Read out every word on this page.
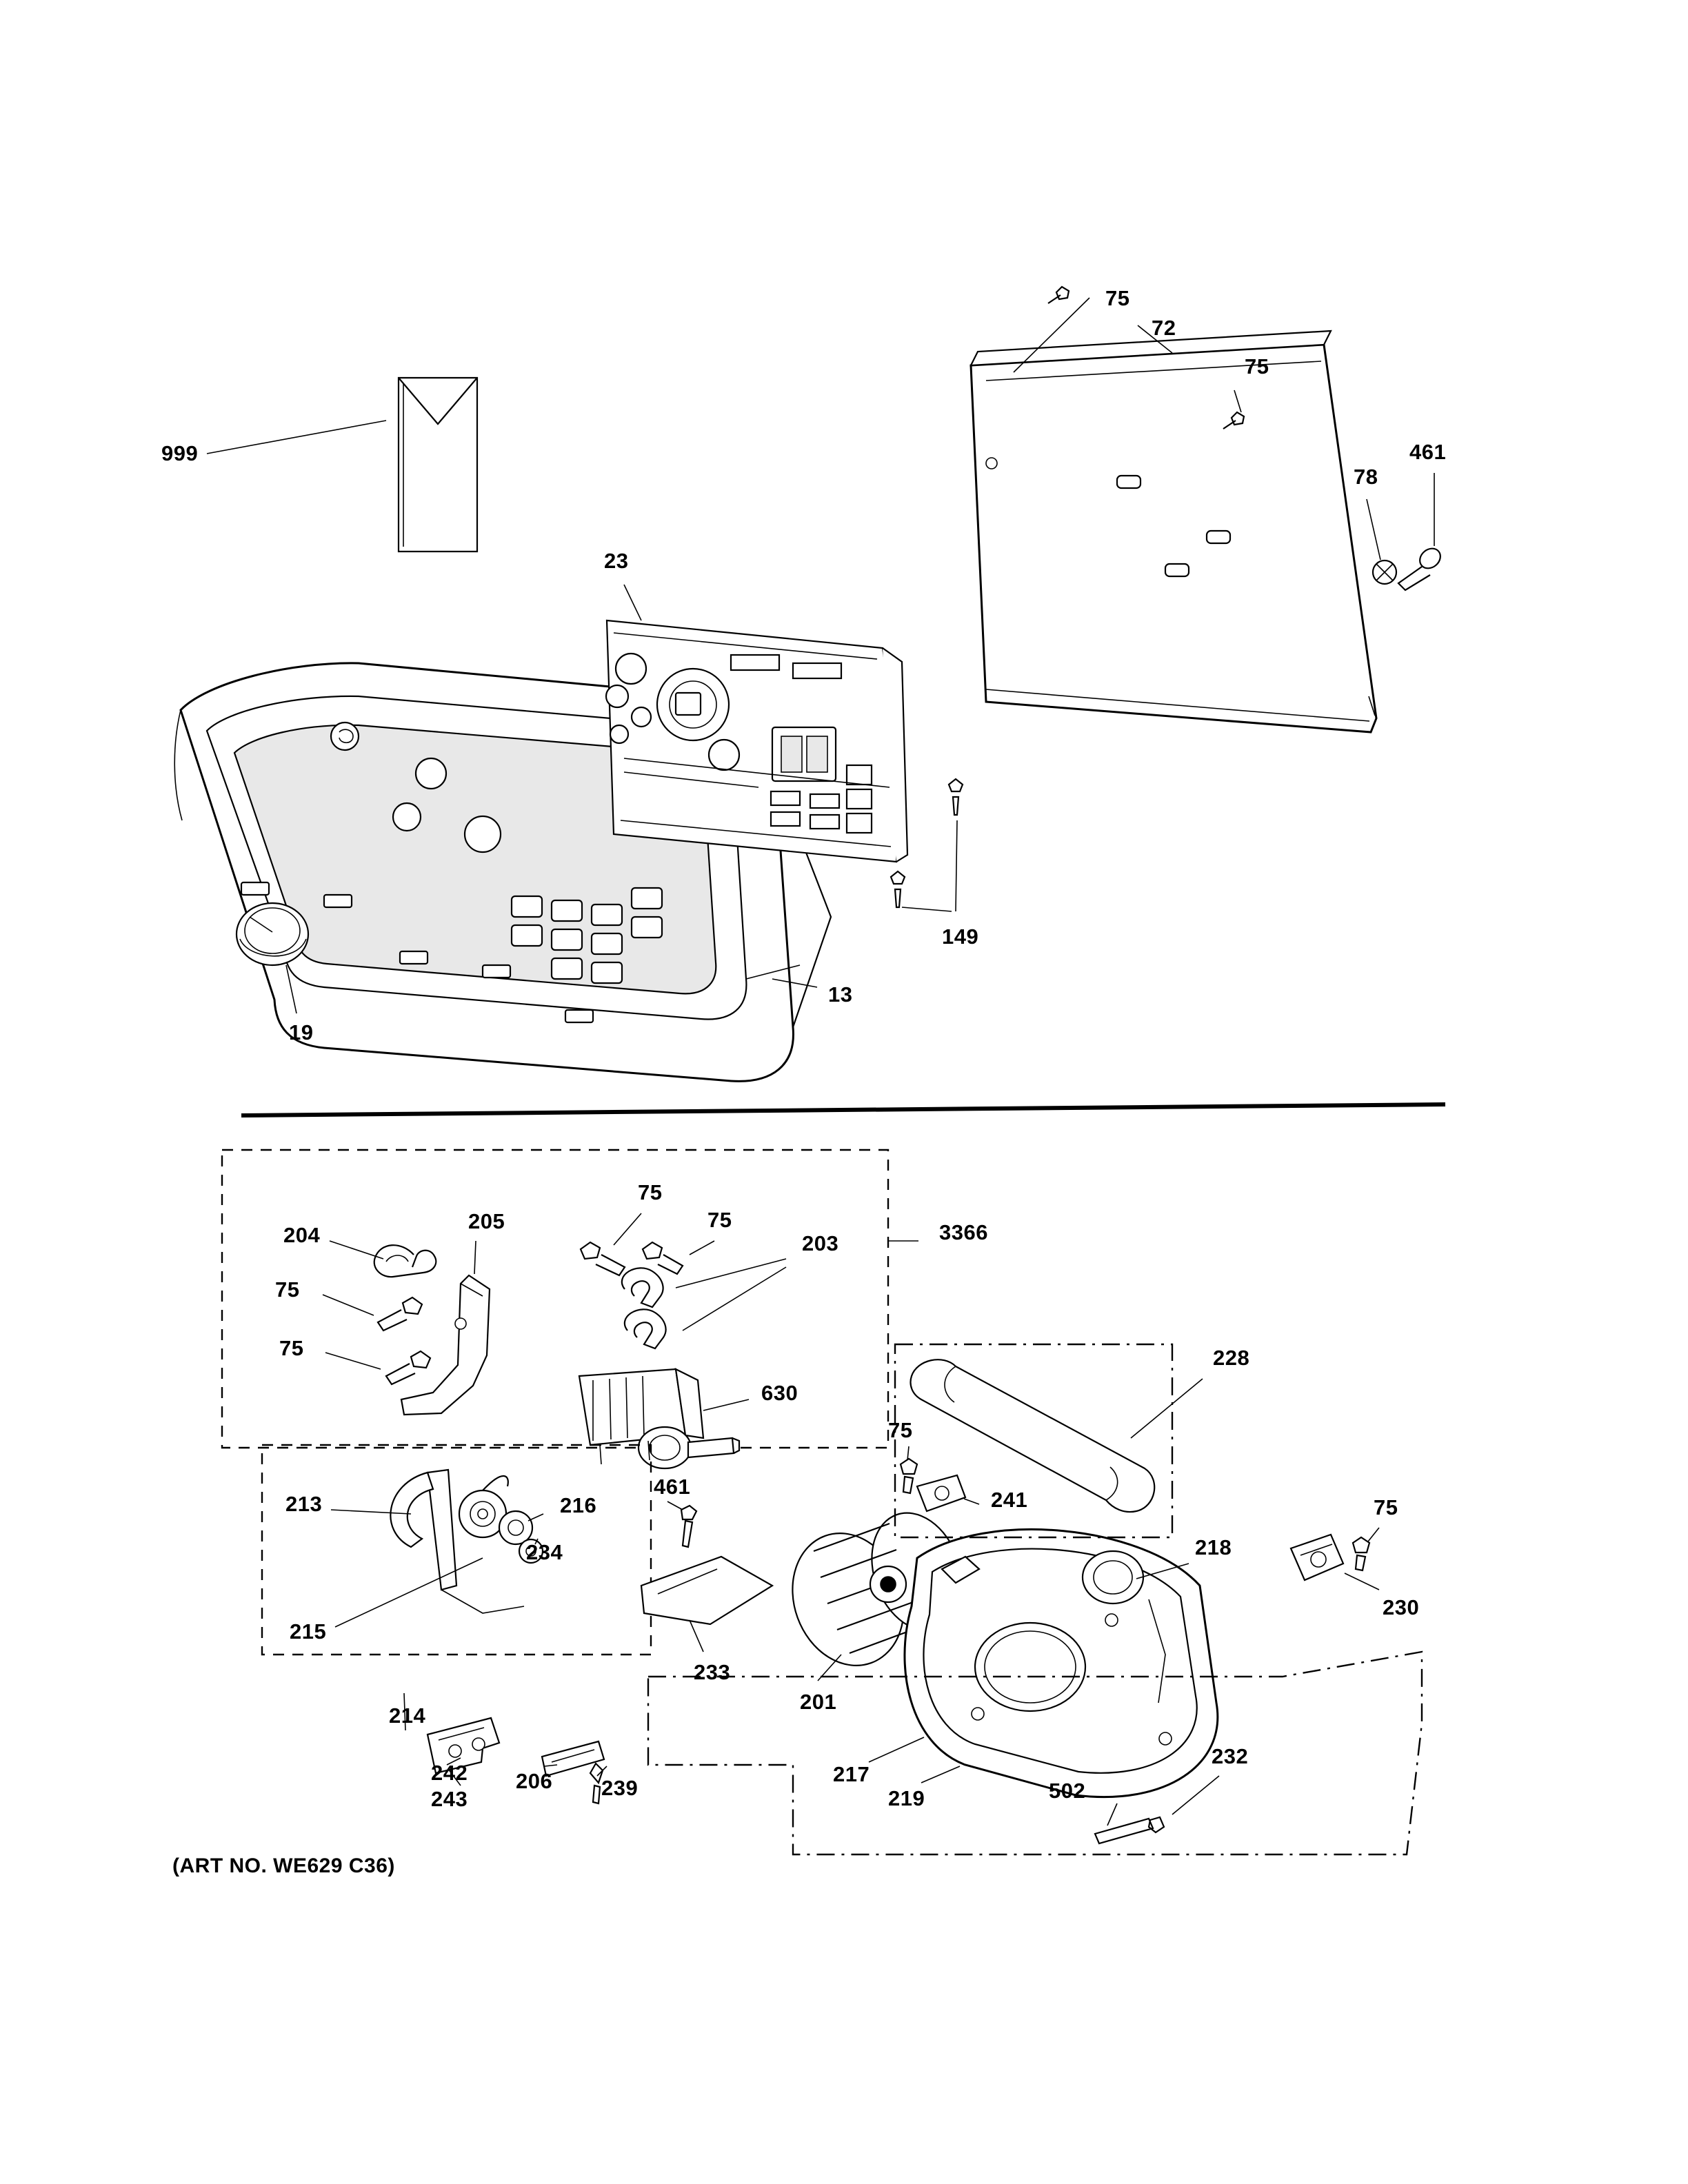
999
23
13
19
149
75
72
75
78
461
204
205
75
75
203	3366
75
75
630
228
75
241
213	216
461
234
215
214
242
243
206 239
233
201
217
219	502
232
218
75
230
(ART NO. WE629 C36)
